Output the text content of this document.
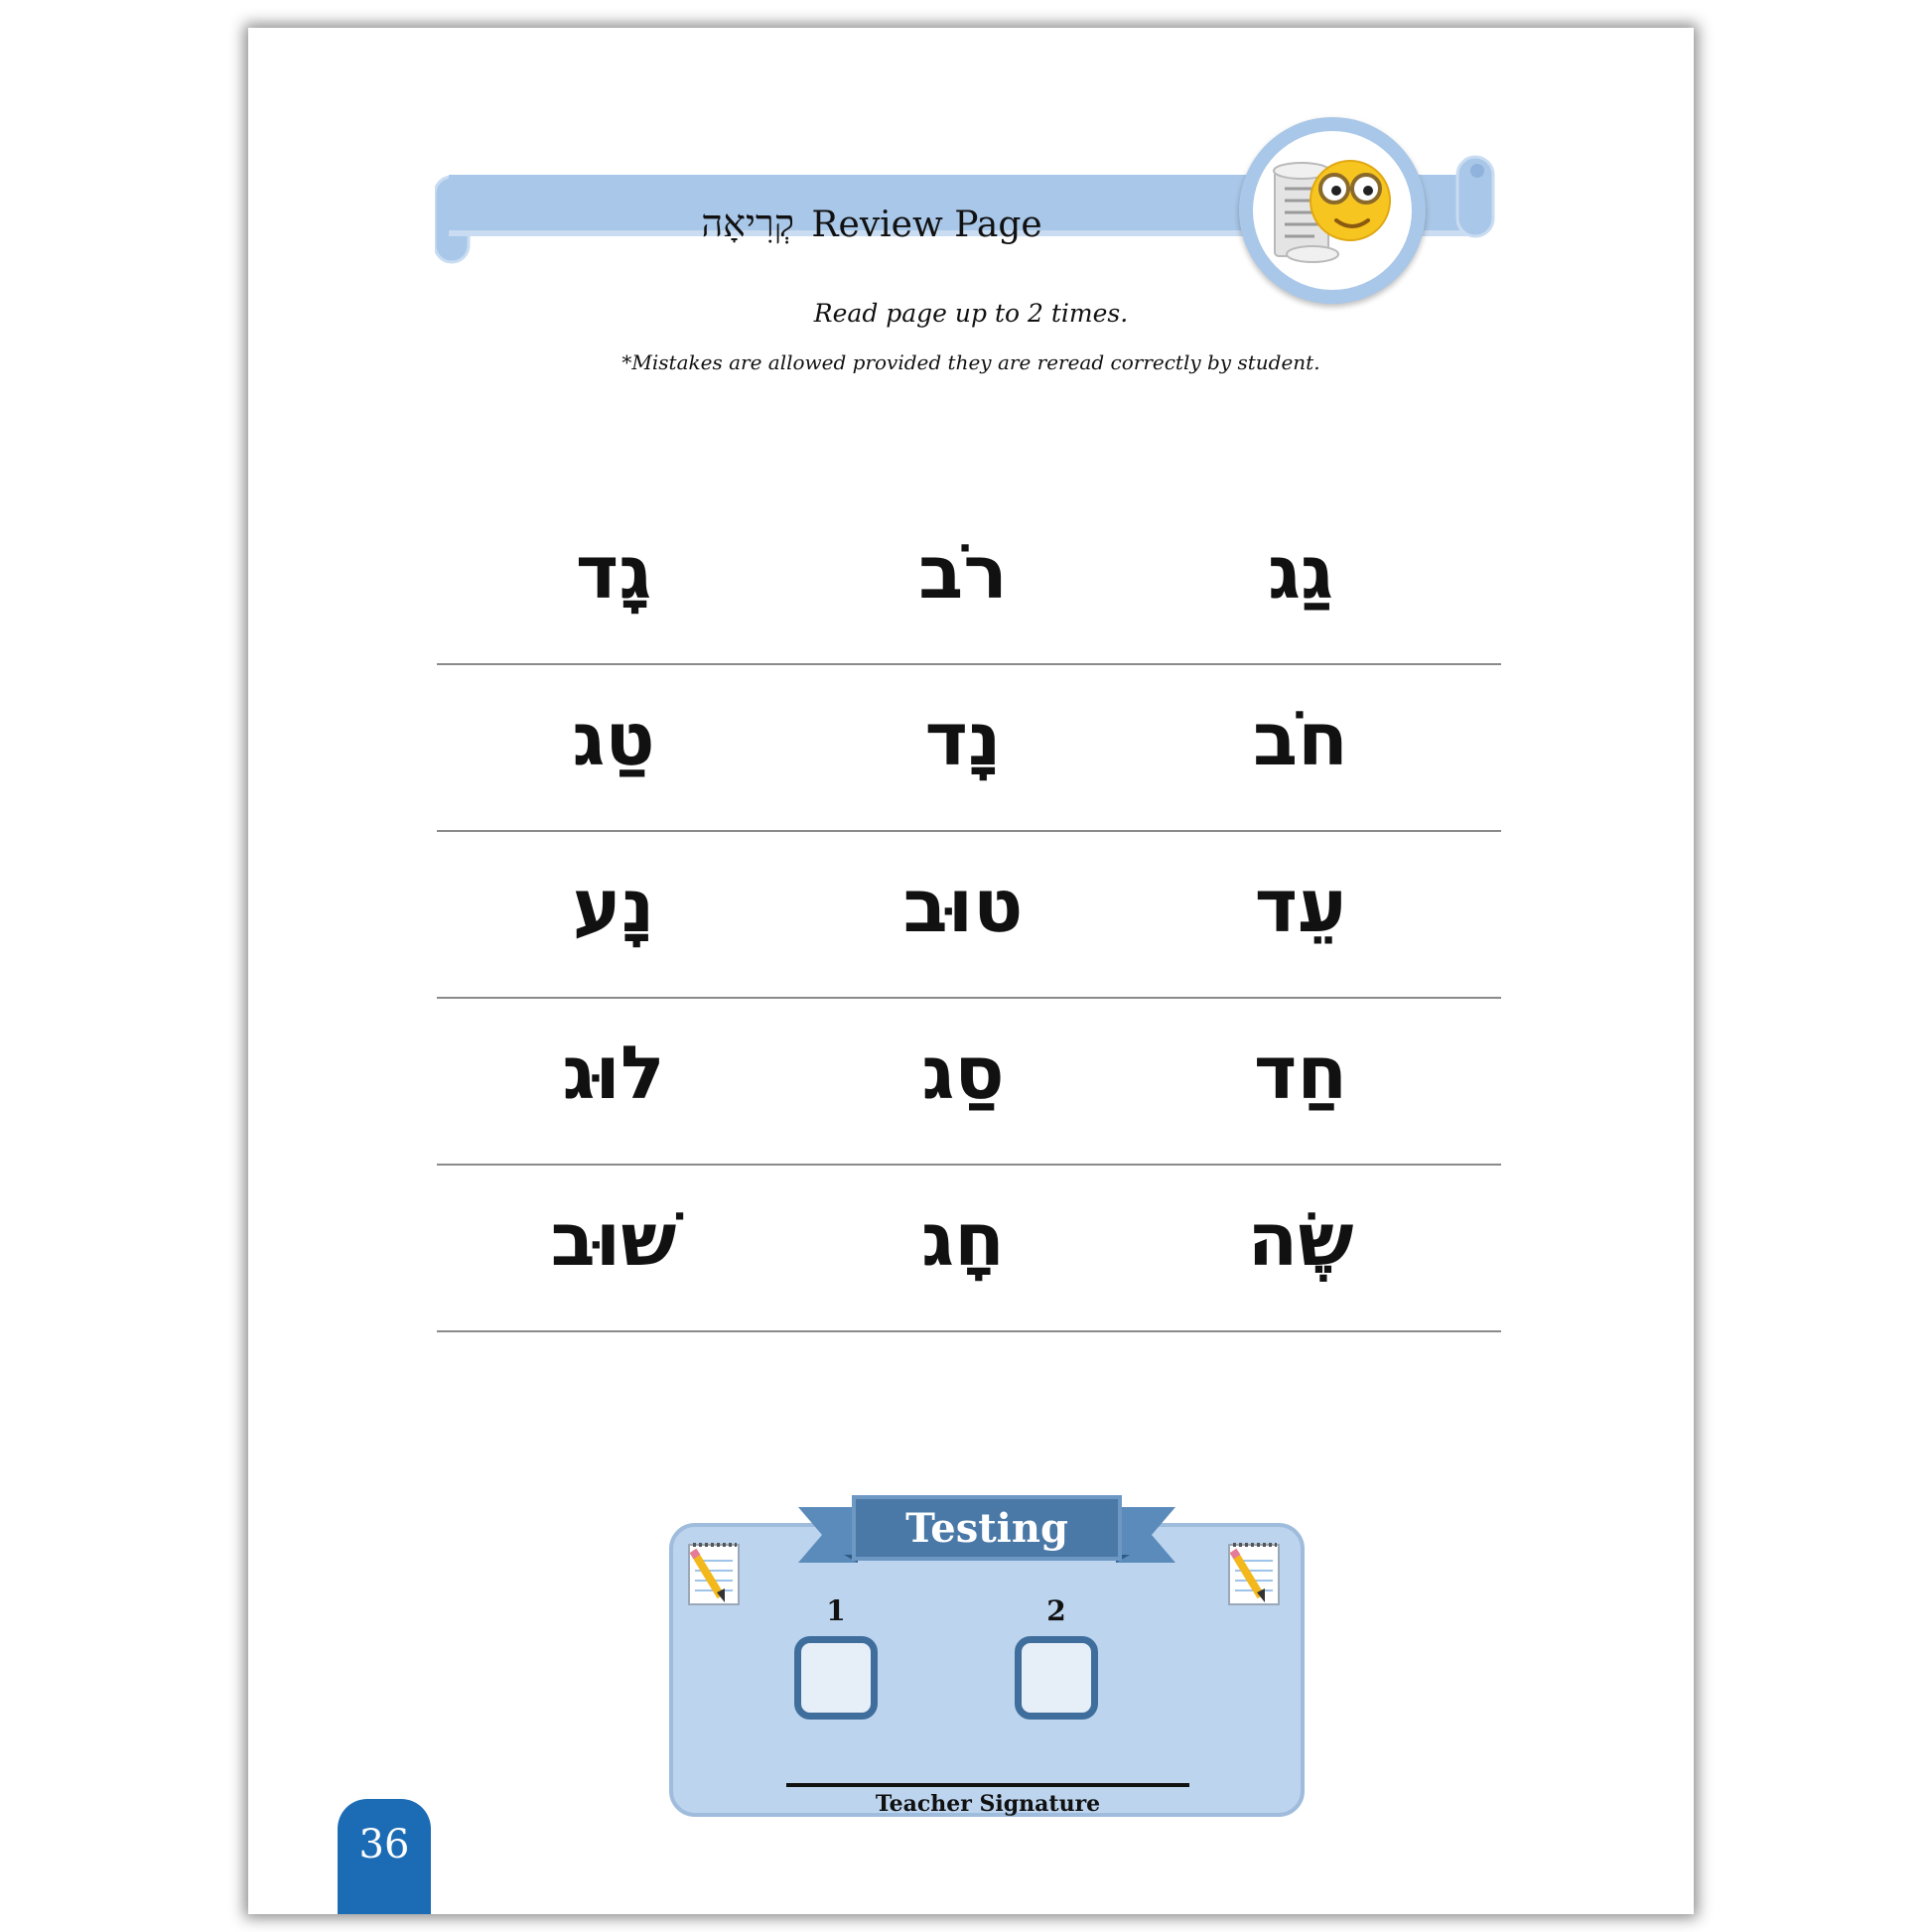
קְרִיאָה Review Page
Read page up to 2 times.
*Mistakes are allowed provided they are reread correctly by student.
גַג
רֹב
גָד
חֹב
נָד
טַג
עֵד
טוּב
נָע
חַד
סַג
לוּג
שֶׂה
חָג
שׁוּב
Testing
1	2
Teacher Signature
36
